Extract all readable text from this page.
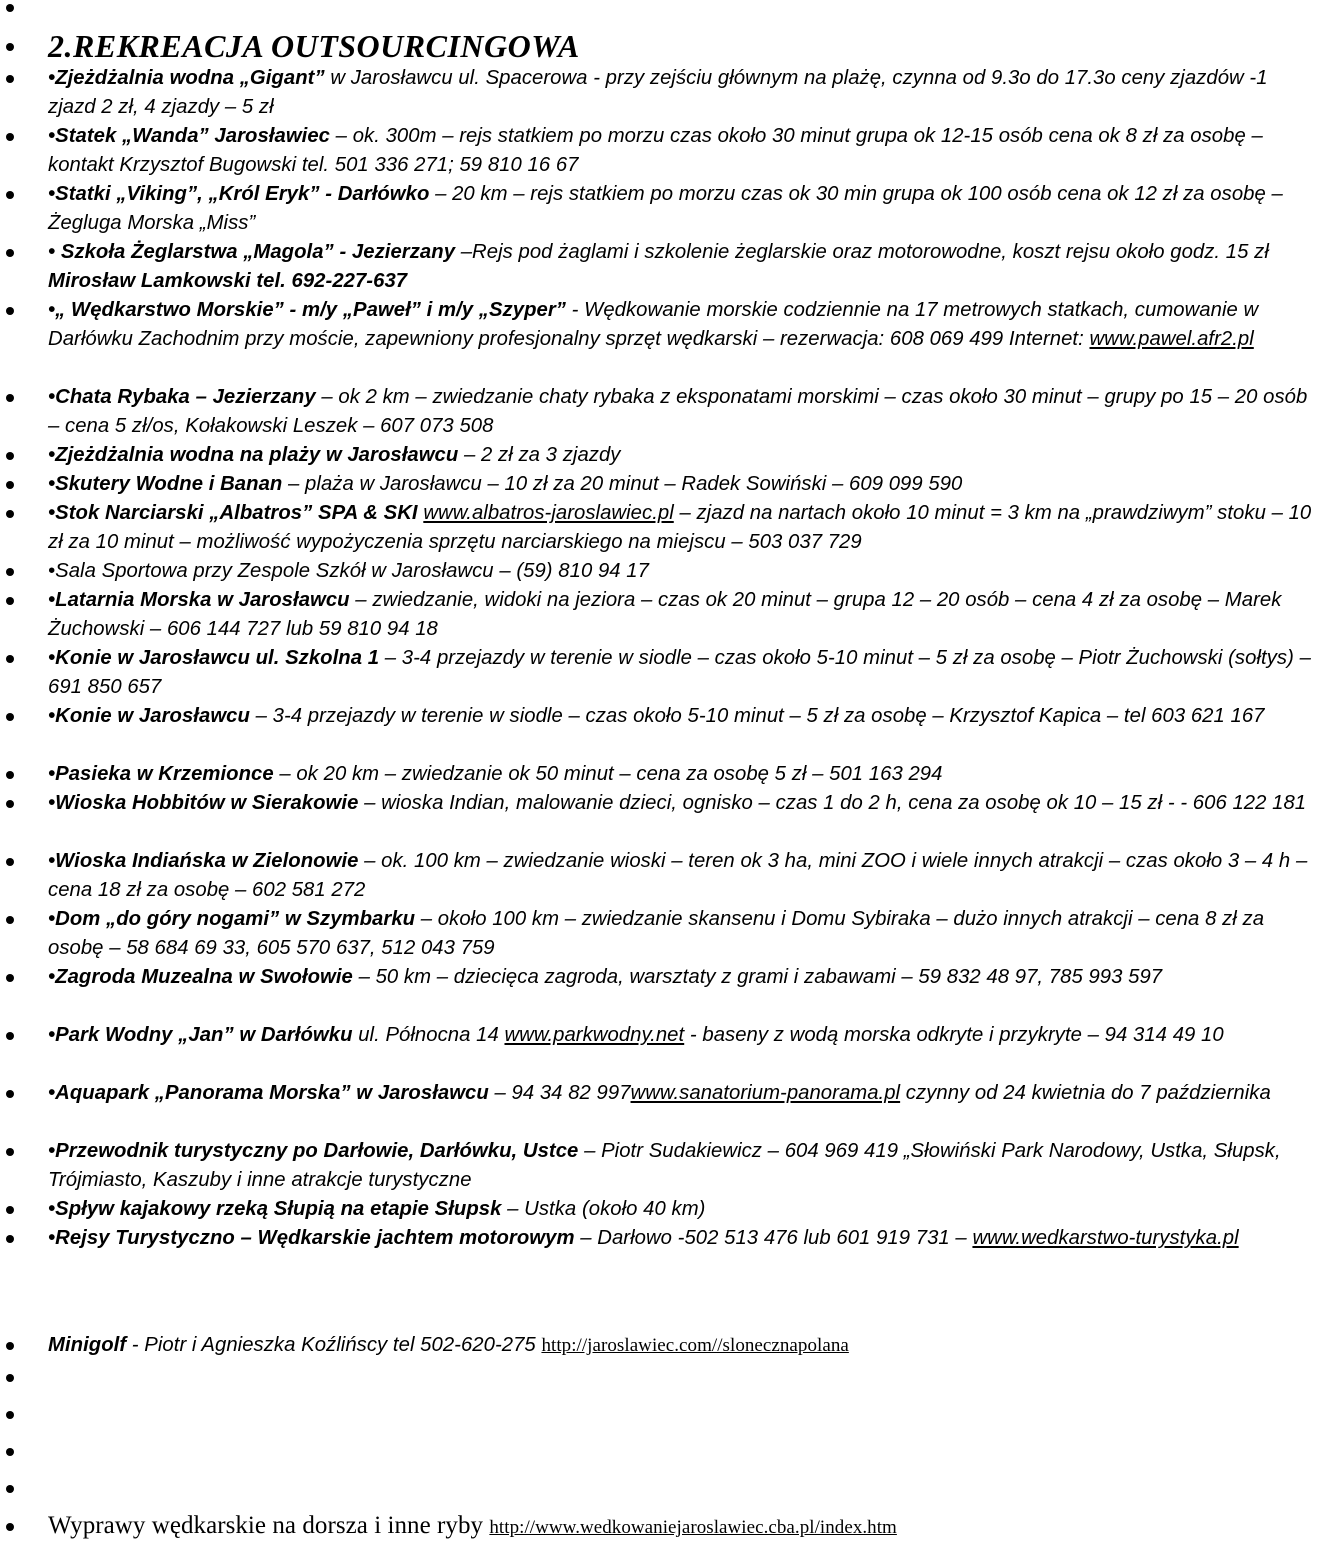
2.REKREACJA OUTSOURCINGOWA
•Zjeżdżalnia wodna „Gigant” w Jarosławcu ul. Spacerowa - przy zejściu głównym na plażę, czynna od 9.3o do 17.3o ceny zjazdów -1 zjazd 2 zł, 4 zjazdy – 5 zł
•Statek „Wanda” Jarosławiec – ok. 300m – rejs statkiem po morzu czas około 30 minut grupa ok 12-15 osób cena ok 8 zł za osobę – kontakt Krzysztof Bugowski tel. 501 336 271; 59 810 16 67
•Statki „Viking”, „Król Eryk” - Darłówko – 20 km – rejs statkiem po morzu czas ok 30 min grupa ok 100 osób cena ok 12 zł za osobę – Żegluga Morska „Miss”
• Szkoła Żeglarstwa „Magola” - Jezierzany –Rejs pod żaglami i szkolenie żeglarskie oraz motorowodne, koszt rejsu około godz. 15 zł Mirosław Lamkowski tel. 692-227-637
•„ Wędkarstwo Morskie” - m/y „Paweł” i m/y „Szyper” - Wędkowanie morskie codziennie na 17 metrowych statkach, cumowanie w Darłówku Zachodnim przy moście, zapewniony profesjonalny sprzęt wędkarski – rezerwacja: 608 069 499 Internet: www.pawel.afr2.pl
•Chata Rybaka – Jezierzany – ok 2 km – zwiedzanie chaty rybaka z eksponatami morskimi – czas około 30 minut – grupy po 15 – 20 osób – cena 5 zł/os, Kołakowski Leszek – 607 073 508
•Zjeżdżalnia wodna na plaży w Jarosławcu – 2 zł za 3 zjazdy
•Skutery Wodne i Banan – plaża w Jarosławcu – 10 zł za 20 minut – Radek Sowiński – 609 099 590
•Stok Narciarski „Albatros” SPA & SKI www.albatros-jaroslawiec.pl – zjazd na nartach około 10 minut = 3 km na „prawdziwym” stoku – 10 zł za 10 minut – możliwość wypożyczenia sprzętu narciarskiego na miejscu – 503 037 729
•Sala Sportowa przy Zespole Szkół w Jarosławcu – (59) 810 94 17
•Latarnia Morska w Jarosławcu – zwiedzanie, widoki na jeziora – czas ok 20 minut – grupa 12 – 20 osób – cena 4 zł za osobę – Marek Żuchowski – 606 144 727 lub 59 810 94 18
•Konie w Jarosławcu ul. Szkolna 1 – 3-4 przejazdy w terenie w siodle – czas około 5-10 minut – 5 zł za osobę – Piotr Żuchowski (sołtys) – 691 850 657
•Konie w Jarosławcu – 3-4 przejazdy w terenie w siodle – czas około 5-10 minut – 5 zł za osobę – Krzysztof Kapica – tel 603 621 167
•Pasieka w Krzemionce – ok 20 km – zwiedzanie ok 50 minut – cena za osobę 5 zł – 501 163 294
•Wioska Hobbitów w Sierakowie – wioska Indian, malowanie dzieci, ognisko – czas 1 do 2 h, cena za osobę ok 10 – 15 zł - - 606 122 181
•Wioska Indiańska w Zielonowie – ok. 100 km – zwiedzanie wioski – teren ok 3 ha, mini ZOO i wiele innych atrakcji – czas około 3 – 4 h – cena 18 zł za osobę – 602 581 272
•Dom „do góry nogami” w Szymbarku – około 100 km – zwiedzanie skansenu i Domu Sybiraka – dużo innych atrakcji – cena 8 zł za osobę – 58 684 69 33, 605 570 637, 512 043 759
•Zagroda Muzealna w Swołowie – 50 km – dziecięca zagroda, warsztaty z grami i zabawami – 59 832 48 97, 785 993 597
•Park Wodny „Jan” w Darłówku ul. Północna 14 www.parkwodny.net - baseny z wodą morska odkryte i przykryte – 94 314 49 10
•Aquapark „Panorama Morska” w Jarosławcu – 94 34 82 997www.sanatorium-panorama.pl czynny od 24 kwietnia do 7 października
•Przewodnik turystyczny po Darłowie, Darłówku, Ustce – Piotr Sudakiewicz – 604 969 419 „Słowiński Park Narodowy, Ustka, Słupsk, Trójmiasto, Kaszuby i inne atrakcje turystyczne
•Spływ kajakowy rzeką Słupią na etapie Słupsk – Ustka (około 40 km)
•Rejsy Turystyczno – Wędkarskie jachtem motorowym – Darłowo -502 513 476 lub 601 919 731 – www.wedkarstwo-turystyka.pl
Minigolf - Piotr i Agnieszka Koźlińscy tel 502-620-275 http://jaroslawiec.com//slonecznapolana
Wyprawy wędkarskie na dorsza i inne ryby http://www.wedkowaniejaroslawiec.cba.pl/index.htm
